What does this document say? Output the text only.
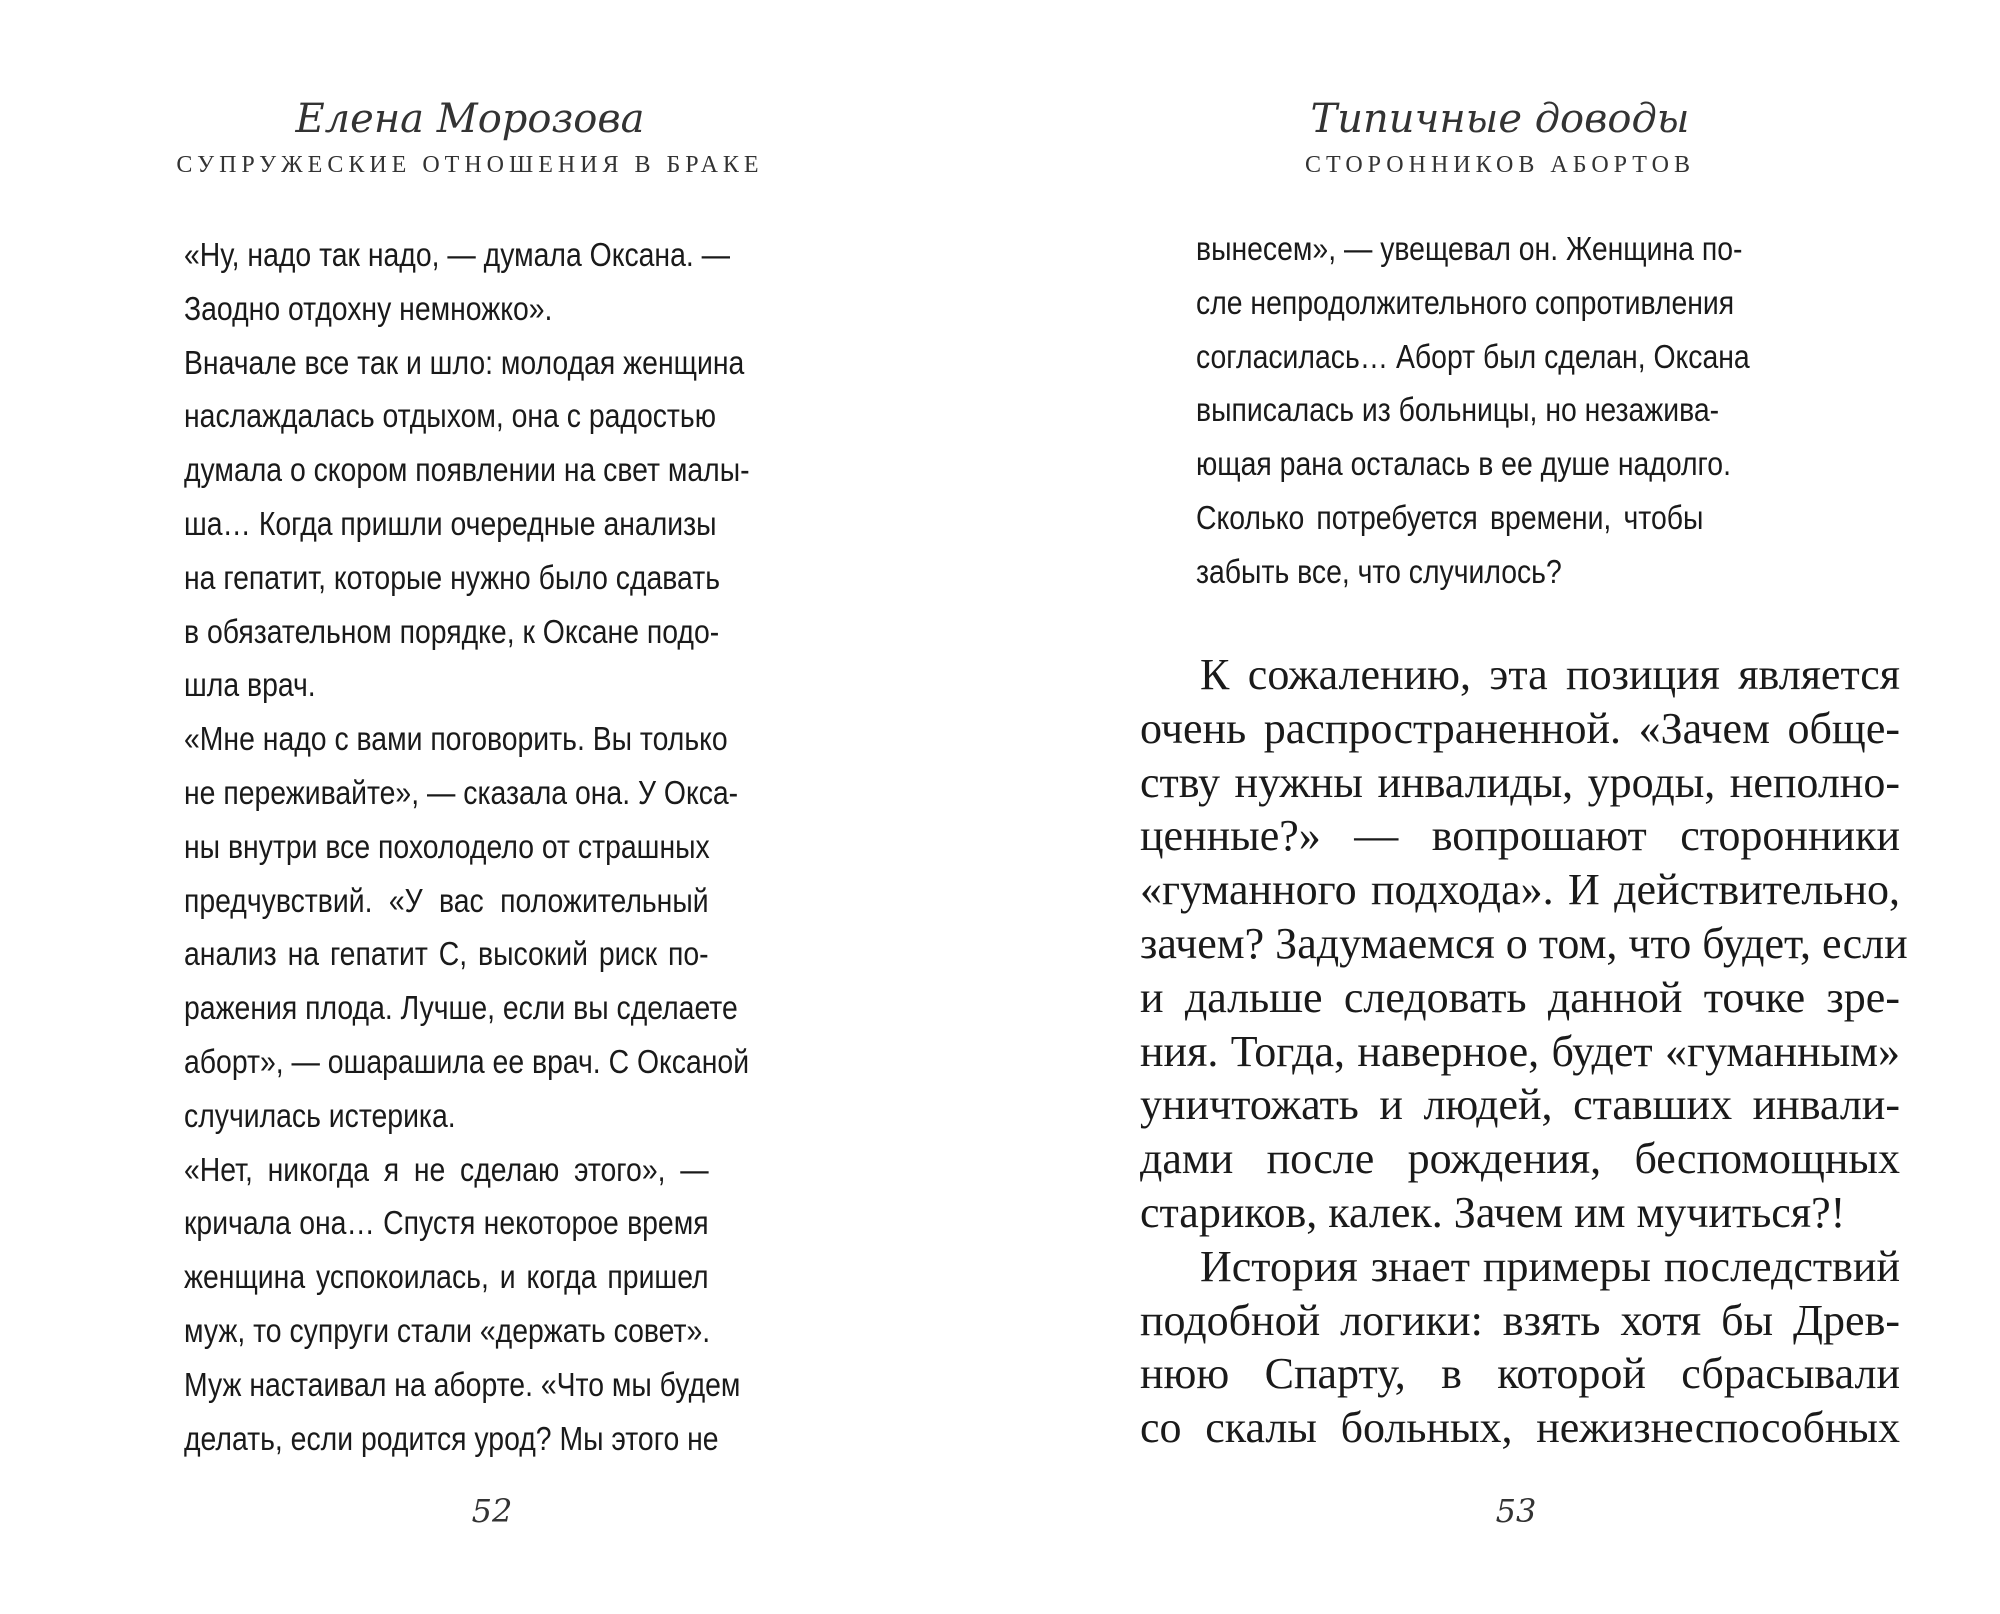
Елена Морозова
СУПРУЖЕСКИЕ ОТНОШЕНИЯ В БРАКЕ
«Ну, надо так надо, — думала Оксана. —
Заодно отдохну немножко».
Вначале все так и шло: молодая женщина
наслаждалась отдыхом, она с радостью
думала о скором появлении на свет малы-
ша… Когда пришли очередные анализы
на гепатит, которые нужно было сдавать
в обязательном порядке, к Оксане подо-
шла врач.
«Мне надо с вами поговорить. Вы только
не переживайте», — сказала она. У Окса-
ны внутри все похолодело от страшных
предчувствий. «У вас положительный
анализ на гепатит С, высокий риск по-
ражения плода. Лучше, если вы сделаете
аборт», — ошарашила ее врач. С Оксаной
случилась истерика.
«Нет, никогда я не сделаю этого», —
кричала она… Спустя некоторое время
женщина успокоилась, и когда пришел
муж, то супруги стали «держать совет».
Муж настаивал на аборте. «Что мы будем
делать, если родится урод? Мы этого не
52
Типичные доводы
СТОРОННИКОВ АБОРТОВ
вынесем», — увещевал он. Женщина по-
сле непродолжительного сопротивления
согласилась… Аборт был сделан, Оксана
выписалась из больницы, но незажива-
ющая рана осталась в ее душе надолго.
Сколько потребуется времени, чтобы
забыть все, что случилось?
53
К сожалению, эта позиция является
очень распространенной. «Зачем обще-
ству нужны инвалиды, уроды, неполно-
ценные?» — вопрошают сторонники
«гуманного подхода». И действительно,
зачем? Задумаемся о том, что будет, если
и дальше следовать данной точке зре-
ния. Тогда, наверное, будет «гуманным»
уничтожать и людей, ставших инвали-
дами после рождения, беспомощных
стариков, калек. Зачем им мучиться?!
История знает примеры последствий
подобной логики: взять хотя бы Древ-
нюю Спарту, в которой сбрасывали
со скалы больных, нежизнеспособных
